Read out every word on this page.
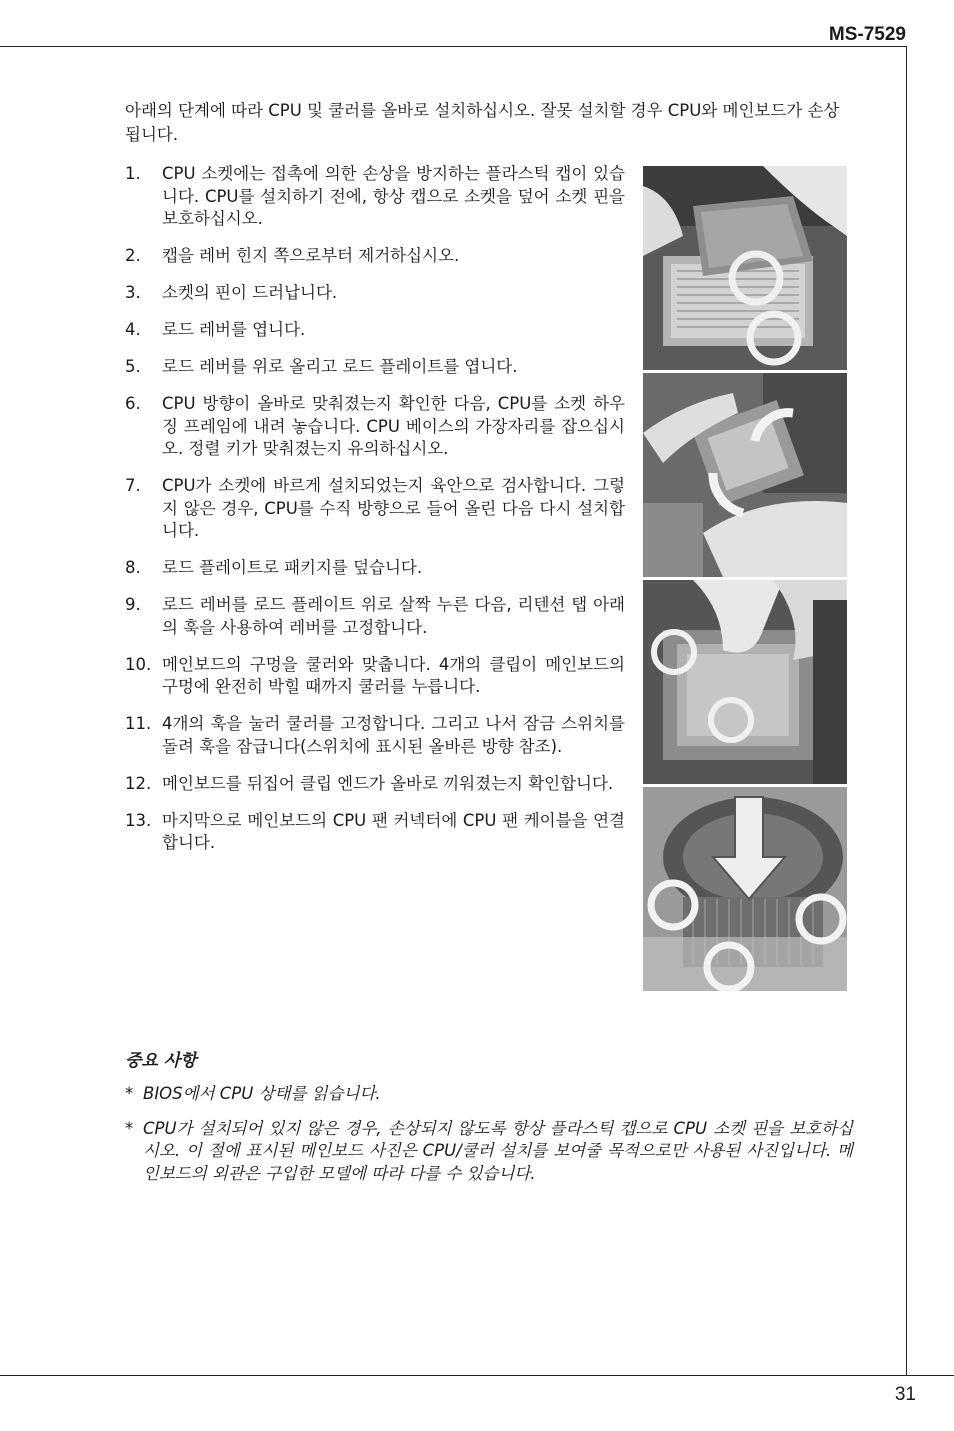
MS-7529

아래의 단계에 따라 CPU 및 쿨러를 올바로 설치하십시오. 잘못 설치할 경우 CPU와 메인보드가 손상됩니다.

1. CPU 소켓에는 접촉에 의한 손상을 방지하는 플라스틱 캡이 있습니다. CPU를 설치하기 전에, 항상 캡으로 소켓을 덮어 소켓 핀을 보호하십시오.
2. 캡을 레버 힌지 쪽으로부터 제거하십시오.
3. 소켓의 핀이 드러납니다.
4. 로드 레버를 엽니다.
5. 로드 레버를 위로 올리고 로드 플레이트를 엽니다.
6. CPU 방향이 올바로 맞춰졌는지 확인한 다음, CPU를 소켓 하우징 프레임에 내려 놓습니다. CPU 베이스의 가장자리를 잡으십시오. 정렬 키가 맞춰졌는지 유의하십시오.
7. CPU가 소켓에 바르게 설치되었는지 육안으로 검사합니다. 그렇지 않은 경우, CPU를 수직 방향으로 들어 올린 다음 다시 설치합니다.
8. 로드 플레이트로 패키지를 덮습니다.
9. 로드 레버를 로드 플레이트 위로 살짝 누른 다음, 리텐션 탭 아래의 훅을 사용하여 레버를 고정합니다.
10. 메인보드의 구멍을 쿨러와 맞춥니다. 4개의 클립이 메인보드의 구멍에 완전히 박힐 때까지 쿨러를 누릅니다.
11. 4개의 훅을 눌러 쿨러를 고정합니다. 그리고 나서 잠금 스위치를 돌려 훅을 잠급니다(스위치에 표시된 올바른 방향 참조).
12. 메인보드를 뒤집어 클립 엔드가 올바로 끼워졌는지 확인합니다.
13. 마지막으로 메인보드의 CPU 팬 커넥터에 CPU 팬 케이블을 연결합니다.

중요 사항

* BIOS에서 CPU 상태를 읽습니다.
* CPU가 설치되어 있지 않은 경우, 손상되지 않도록 항상 플라스틱 캡으로 CPU 소켓 핀을 보호하십시오. 이 절에 표시된 메인보드 사진은 CPU/쿨러 설치를 보여줄 목적으로만 사용된 사진입니다. 메인보드의 외관은 구입한 모델에 따라 다를 수 있습니다.
31
